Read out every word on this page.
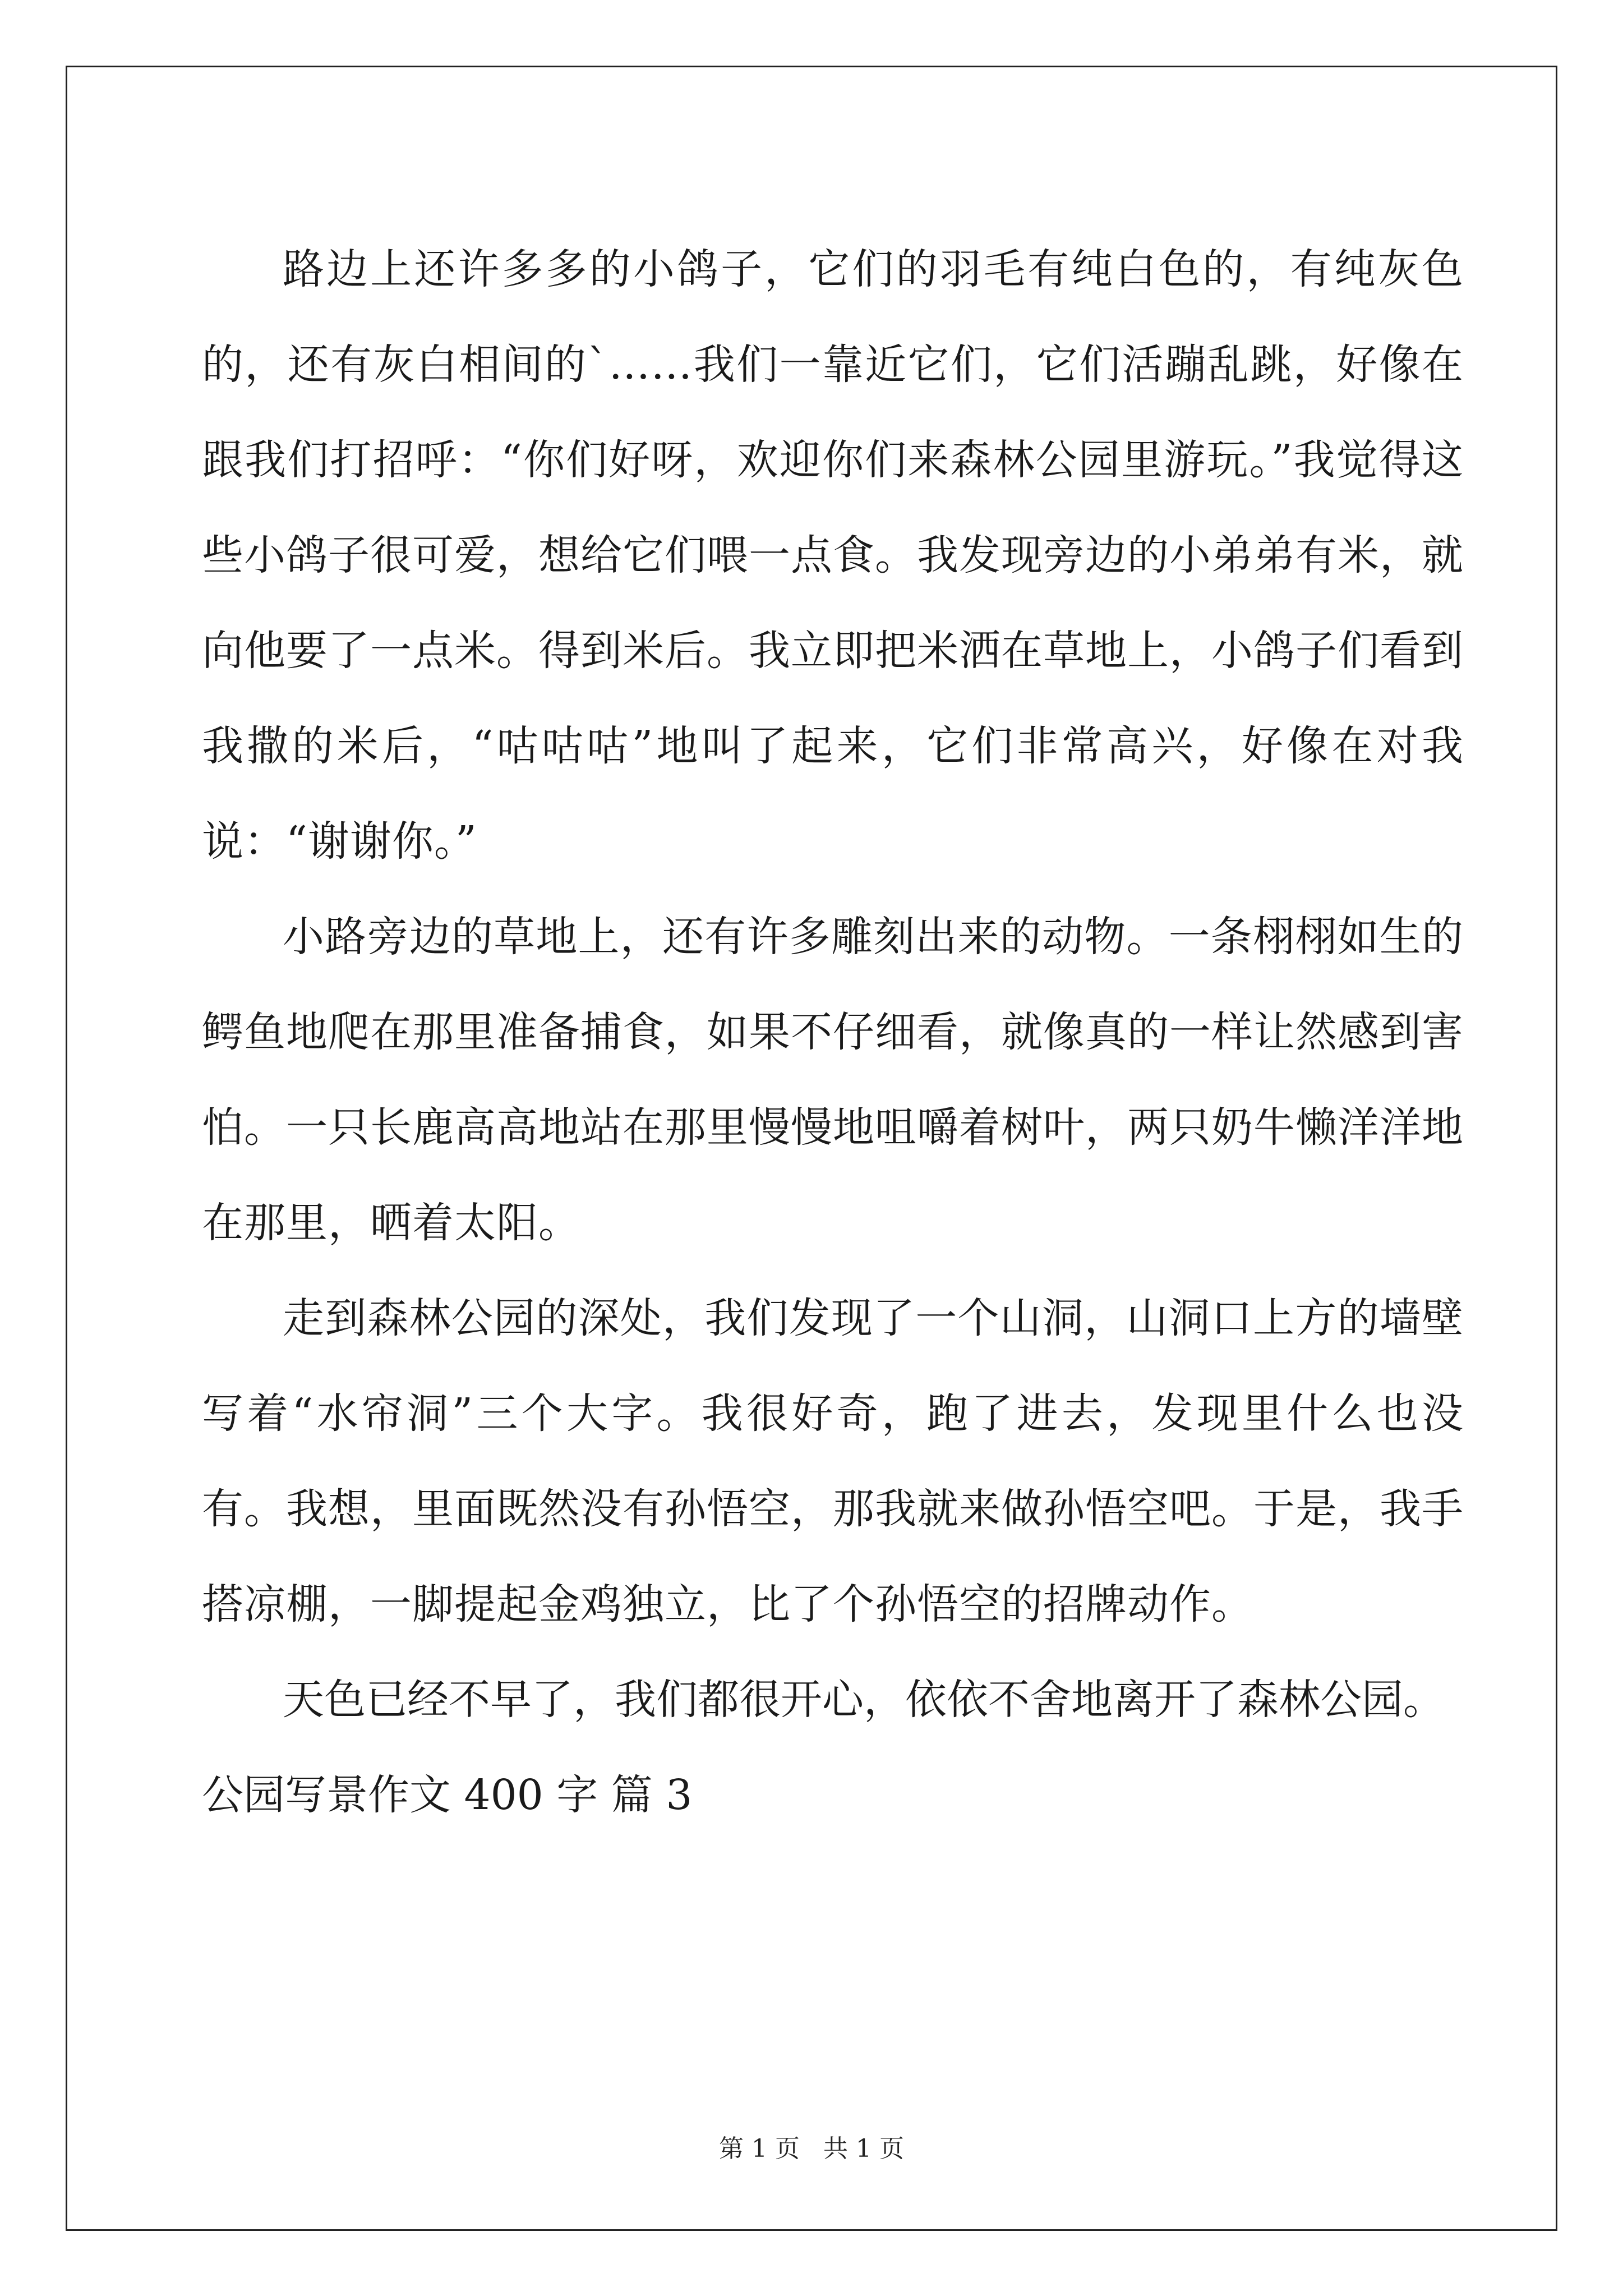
路边上还许多多的小鸽子，它们的羽毛有纯白色的，有纯灰色的，还有灰白相间的`……我们一靠近它们，它们活蹦乱跳，好像在跟我们打招呼：“你们好呀，欢迎你们来森林公园里游玩。”我觉得这些小鸽子很可爱，想给它们喂一点食。我发现旁边的小弟弟有米，就向他要了一点米。得到米后。我立即把米洒在草地上，小鸽子们看到我撒的米后，“咕咕咕”地叫了起来，它们非常高兴，好像在对我说：“谢谢你。”

小路旁边的草地上，还有许多雕刻出来的动物。一条栩栩如生的鳄鱼地爬在那里准备捕食，如果不仔细看，就像真的一样让然感到害怕。一只长鹿高高地站在那里慢慢地咀嚼着树叶，两只奶牛懒洋洋地在那里，晒着太阳。

走到森林公园的深处，我们发现了一个山洞，山洞口上方的墙壁写着“水帘洞”三个大字。我很好奇，跑了进去，发现里什么也没有。我想，里面既然没有孙悟空，那我就来做孙悟空吧。于是，我手搭凉棚，一脚提起金鸡独立，比了个孙悟空的招牌动作。

天色已经不早了，我们都很开心，依依不舍地离开了森林公园。

公园写景作文 400 字 篇 3

第 1 页   共 1 页
